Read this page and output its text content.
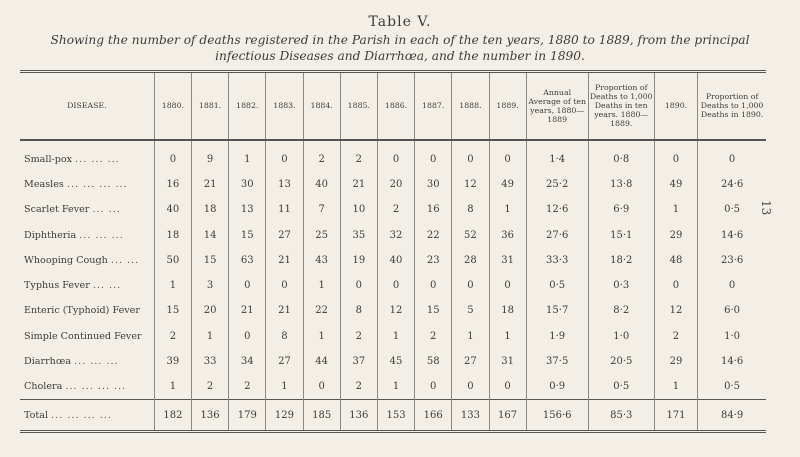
Table V.
Showing the number of deaths registered in the Parish in each of the ten years, 1880 to 1889, from the principal
infectious Diseases and Diarrhœa, and the number in 1890.
13
DISEASE.	1880.	1881.	1882.	1883.	1884.	1885.	1886.	1887.	1888.	1889.	Annual Average of ten years, 1880—1889	Proportion of Deaths to 1,000 Deaths in ten years. 1880—1889.	1890.	Proportion of Deaths to 1,000 Deaths in 1890.
Small-pox ... ... ...	0	9	1	0	2	2	0	0	0	0	1·4	0·8	0	0
Measles ... ... ... ...	16	21	30	13	40	21	20	30	12	49	25·2	13·8	49	24·6
Scarlet Fever ... ...	40	18	13	11	7	10	2	16	8	1	12·6	6·9	1	0·5
Diphtheria ... ... ...	18	14	15	27	25	35	32	22	52	36	27·6	15·1	29	14·6
Whooping Cough ... ...	50	15	63	21	43	19	40	23	28	31	33·3	18·2	48	23·6
Typhus Fever ... ...	1	3	0	0	1	0	0	0	0	0	0·5	0·3	0	0
Enteric (Typhoid) Fever	15	20	21	21	22	8	12	15	5	18	15·7	8·2	12	6·0
Simple Continued Fever	2	1	0	8	1	2	1	2	1	1	1·9	1·0	2	1·0
Diarrhœa ... ... ...	39	33	34	27	44	37	45	58	27	31	37·5	20·5	29	14·6
Cholera ... ... ... ...	1	2	2	1	0	2	1	0	0	0	0·9	0·5	1	0·5
Total ... ... ... ...	182	136	179	129	185	136	153	166	133	167	156·6	85·3	171	84·9
